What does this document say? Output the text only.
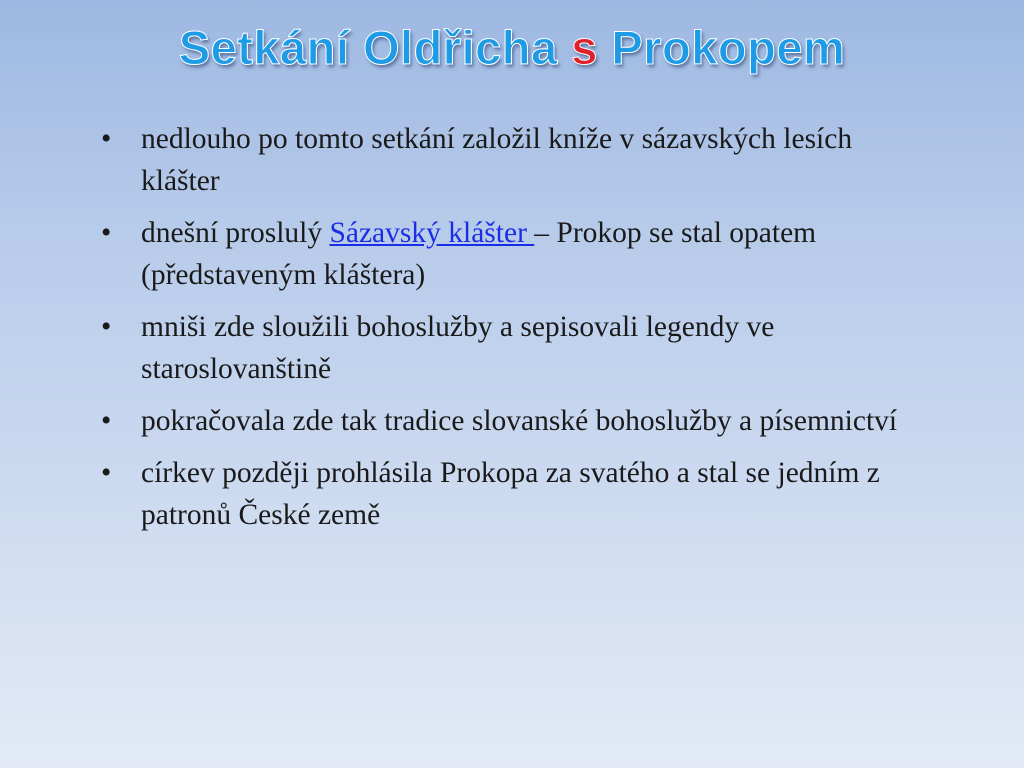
Setkání Oldřicha s Prokopem
• nedlouho po tomto setkání založil kníže v sázavských lesích klášter
• dnešní proslulý Sázavský klášter – Prokop se stal opatem (představeným kláštera)
• mniši zde sloužili bohoslužby a sepisovali legendy ve staroslovanštině
• pokračovala zde tak tradice slovanské bohoslužby a písemnictví
• církev později prohlásila Prokopa za svatého a stal se jedním z patronů České země
